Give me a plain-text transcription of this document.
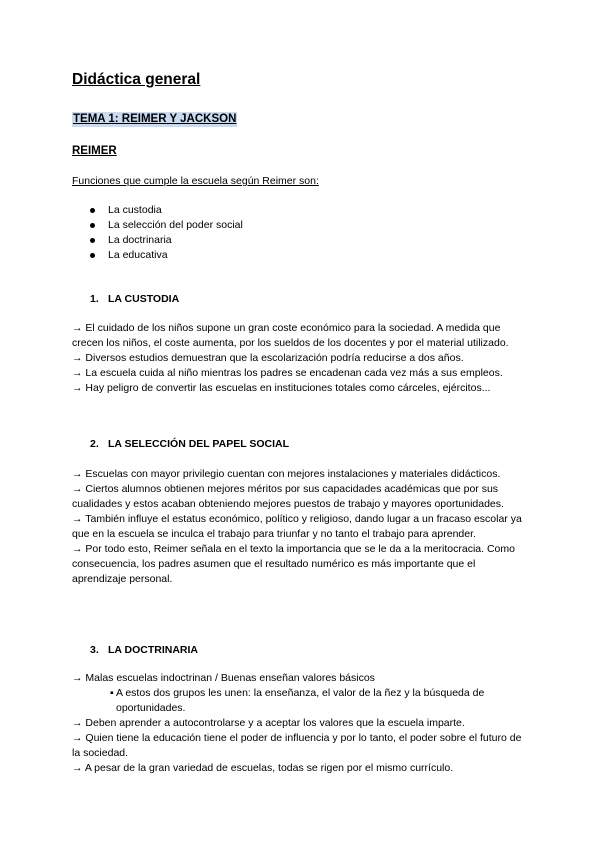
Didáctica general
TEMA 1: REIMER Y JACKSON
REIMER

Funciones que cumple la escuela según Reimer son:

La custodia
La selección del poder social
La doctrinaria
La educativa
1. LA CUSTODIA

→ El cuidado de los niños supone un gran coste económico para la sociedad. A medida que crecen los niños, el coste aumenta, por los sueldos de los docentes y por el material utilizado.

→ Diversos estudios demuestran que la escolarización podría reducirse a dos años.

→ La escuela cuida al niño mientras los padres se encadenan cada vez más a sus empleos.

→ Hay peligro de convertir las escuelas en instituciones totales como cárceles, ejércitos...

2. LA SELECCIÓN DEL PAPEL SOCIAL

→ Escuelas con mayor privilegio cuentan con mejores instalaciones y materiales didácticos.

→ Ciertos alumnos obtienen mejores méritos por sus capacidades académicas que por sus cualidades y estos acaban obteniendo mejores puestos de trabajo y mayores oportunidades.

→ También influye el estatus económico, político y religioso, dando lugar a un fracaso escolar ya que en la escuela se inculca el trabajo para triunfar y no tanto el trabajo para aprender.

→ Por todo esto, Reimer señala en el texto la importancia que se le da a la meritocracia. Como consecuencia, los padres asumen que el resultado numérico es más importante que el aprendizaje personal.

3. LA DOCTRINARIA

→ Malas escuelas indoctrinan / Buenas enseñan valores básicos

▪ A estos dos grupos les unen: la enseñanza, el valor de la ñez y la búsqueda de oportunidades.

→ Deben aprender a autocontrolarse y a aceptar los valores que la escuela imparte.

→ Quien tiene la educación tiene el poder de influencia y por lo tanto, el poder sobre el futuro de la sociedad.

→ A pesar de la gran variedad de escuelas, todas se rigen por el mismo currículo.
